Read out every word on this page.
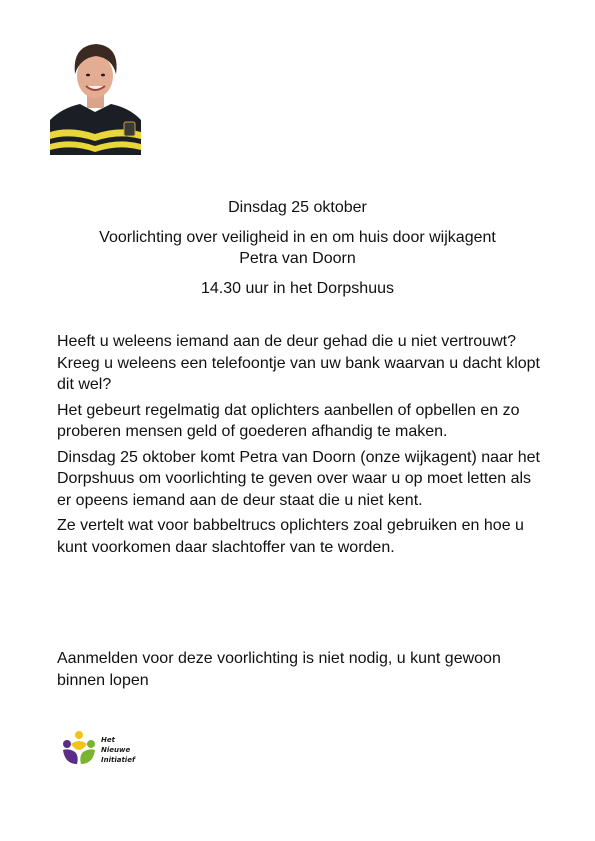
Dinsdag 25 oktober

Voorlichting over veiligheid in en om huis door wijkagent

Petra van Doorn

14.30 uur in het Dorpshuus

Heeft u weleens iemand aan de deur gehad die u niet vertrouwt? Kreeg u weleens een telefoontje van uw bank waarvan u dacht klopt dit wel?

Het gebeurt regelmatig dat oplichters aanbellen of opbellen en zo proberen mensen geld of goederen afhandig te maken.

Dinsdag 25 oktober komt Petra van Doorn (onze wijkagent) naar het Dorpshuus om voorlichting te geven over waar u op moet letten als er opeens iemand aan de deur staat die u niet kent.

Ze vertelt wat voor babbeltrucs oplichters zoal gebruiken en hoe u kunt voorkomen daar slachtoffer van te worden.

Aanmelden voor deze voorlichting is niet nodig, u kunt gewoon binnen lopen

Het
Nieuwe
Initiatief
